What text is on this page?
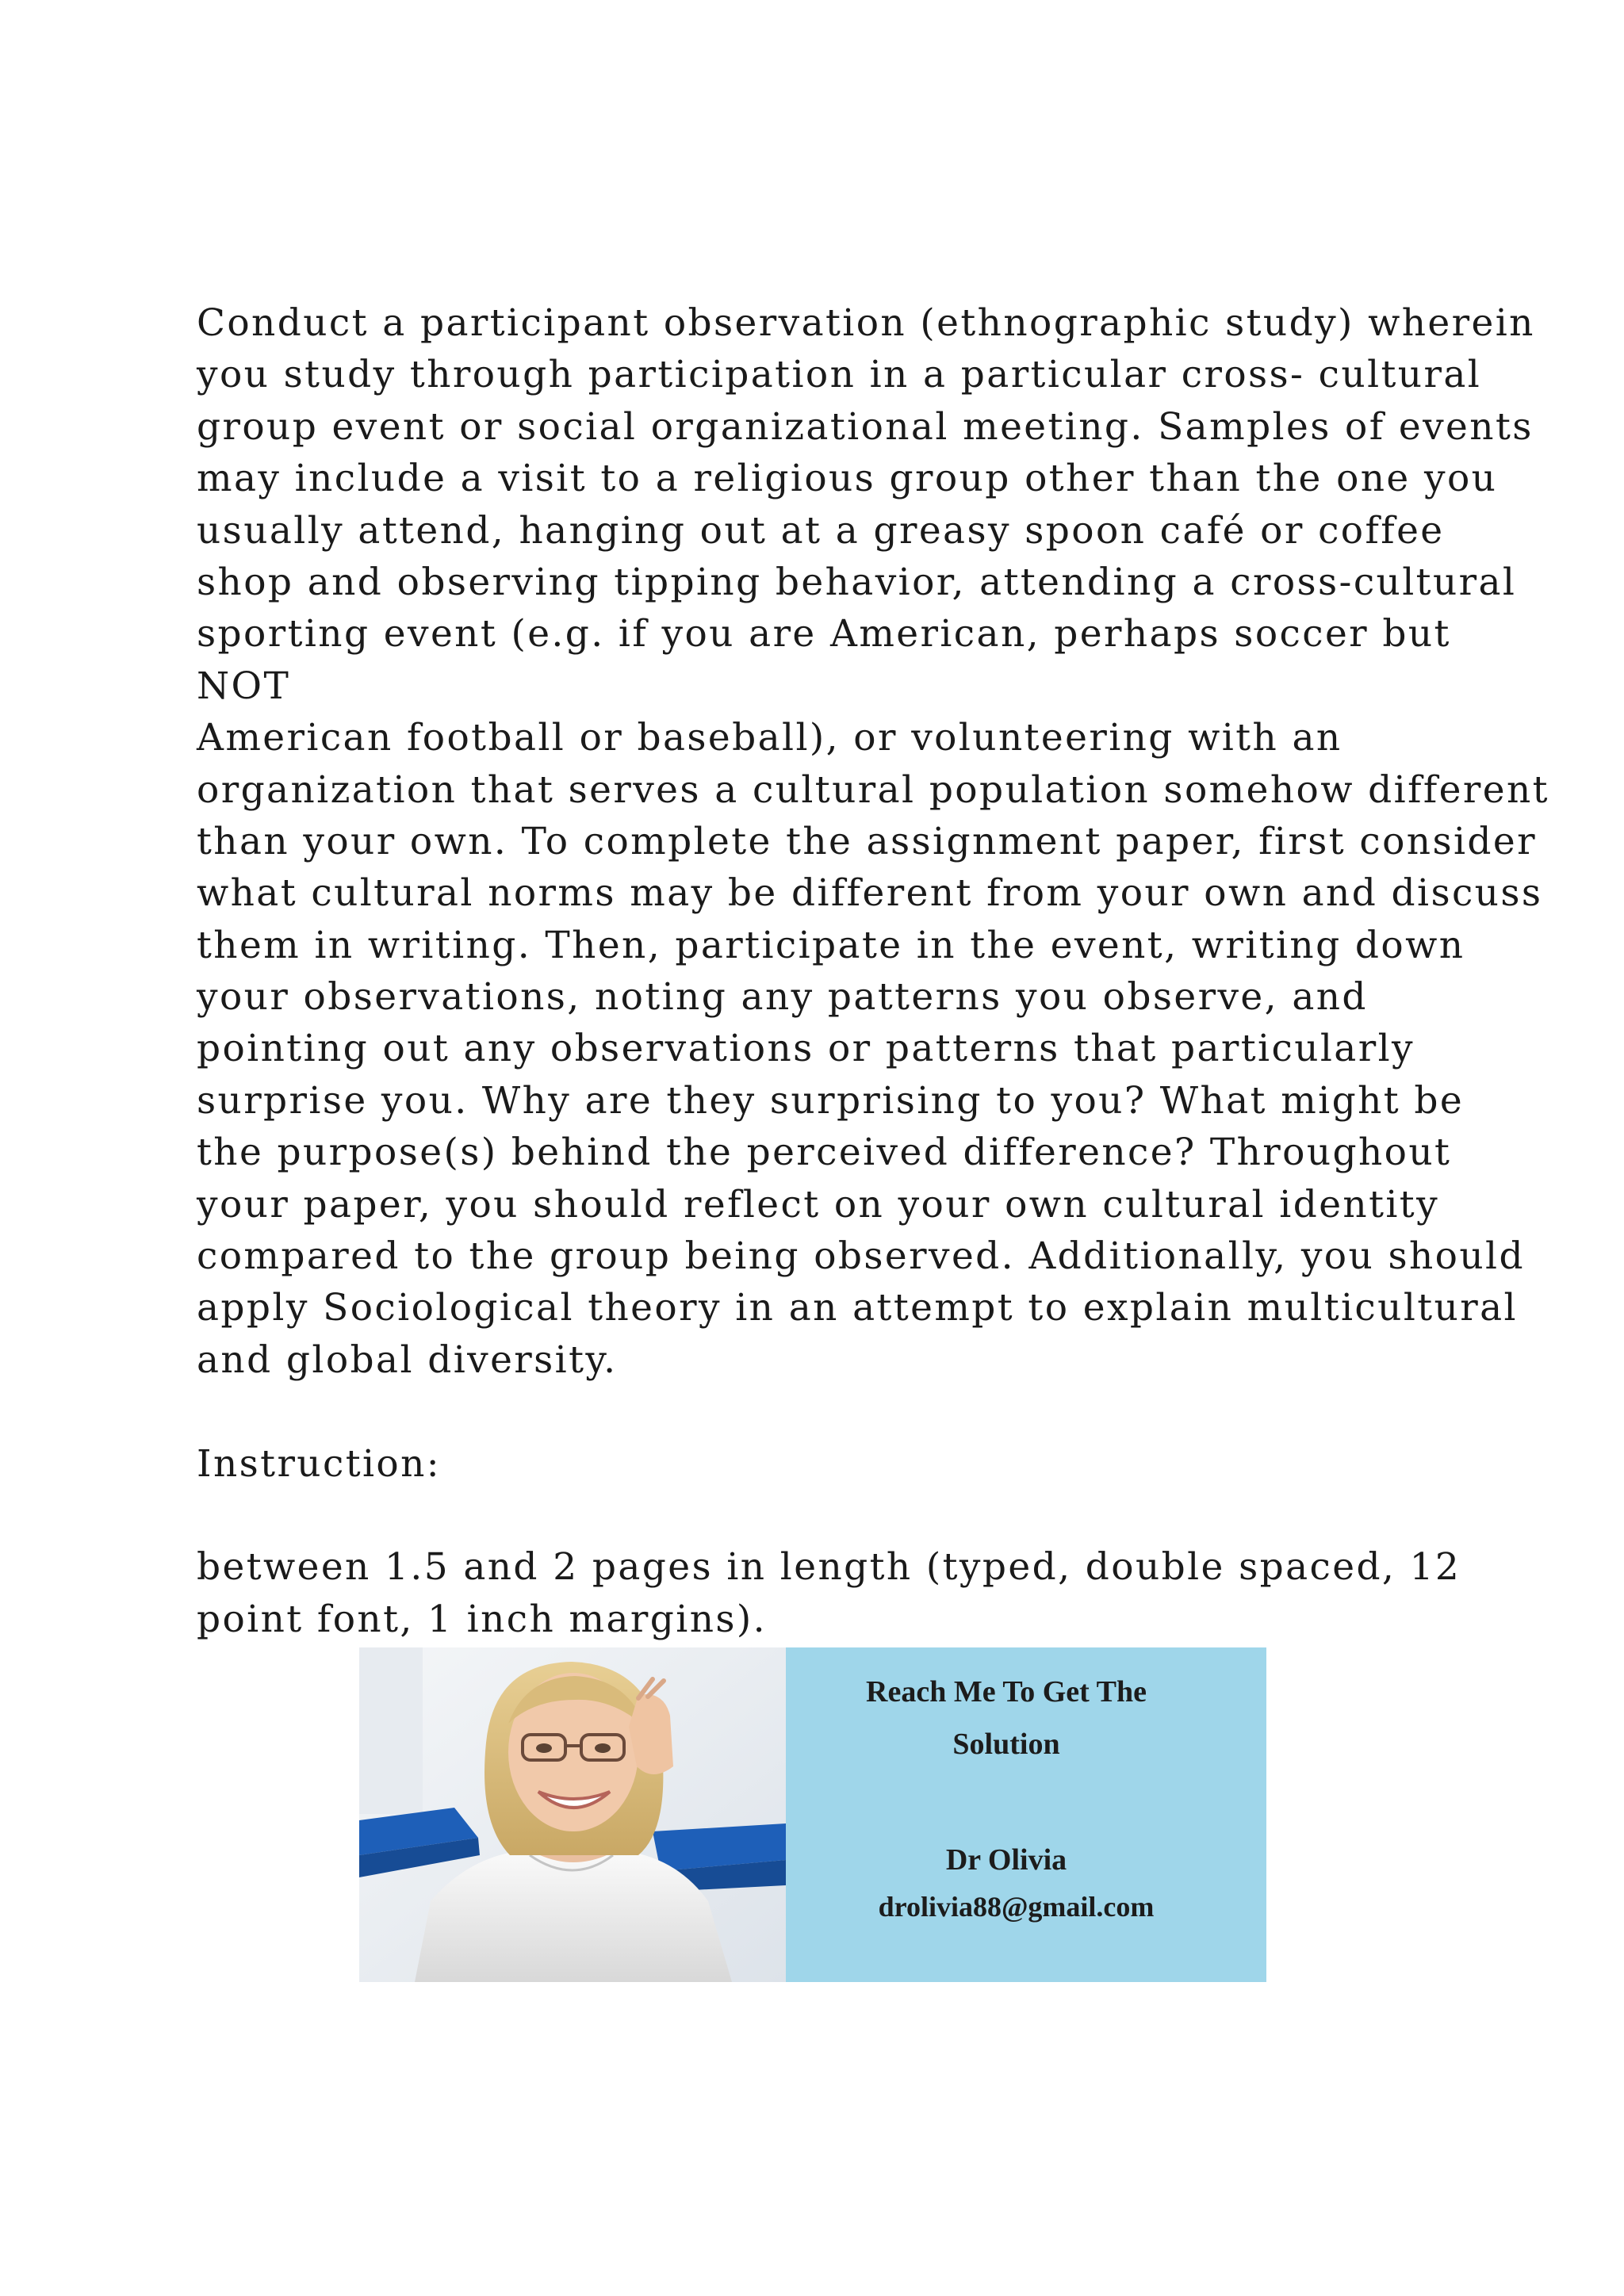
Conduct a participant observation (ethnographic study) wherein
you study through participation in a particular cross- cultural
group event or social organizational meeting. Samples of events
may include a visit to a religious group other than the one you
usually attend, hanging out at a greasy spoon café or coffee
shop and observing tipping behavior, attending a cross-cultural
sporting event (e.g. if you are American, perhaps soccer but
NOT
American football or baseball), or volunteering with an
organization that serves a cultural population somehow different
than your own. To complete the assignment paper, first consider
what cultural norms may be different from your own and discuss
them in writing. Then, participate in the event, writing down
your observations, noting any patterns you observe, and
pointing out any observations or patterns that particularly
surprise you. Why are they surprising to you? What might be
the purpose(s) behind the perceived difference? Throughout
your paper, you should reflect on your own cultural identity
compared to the group being observed. Additionally, you should
apply Sociological theory in an attempt to explain multicultural
and global diversity.
Instruction:
between 1.5 and 2 pages in length (typed, double spaced, 12
point font, 1 inch margins).
Reach Me To Get The
Solution
Dr Olivia
drolivia88@gmail.com
